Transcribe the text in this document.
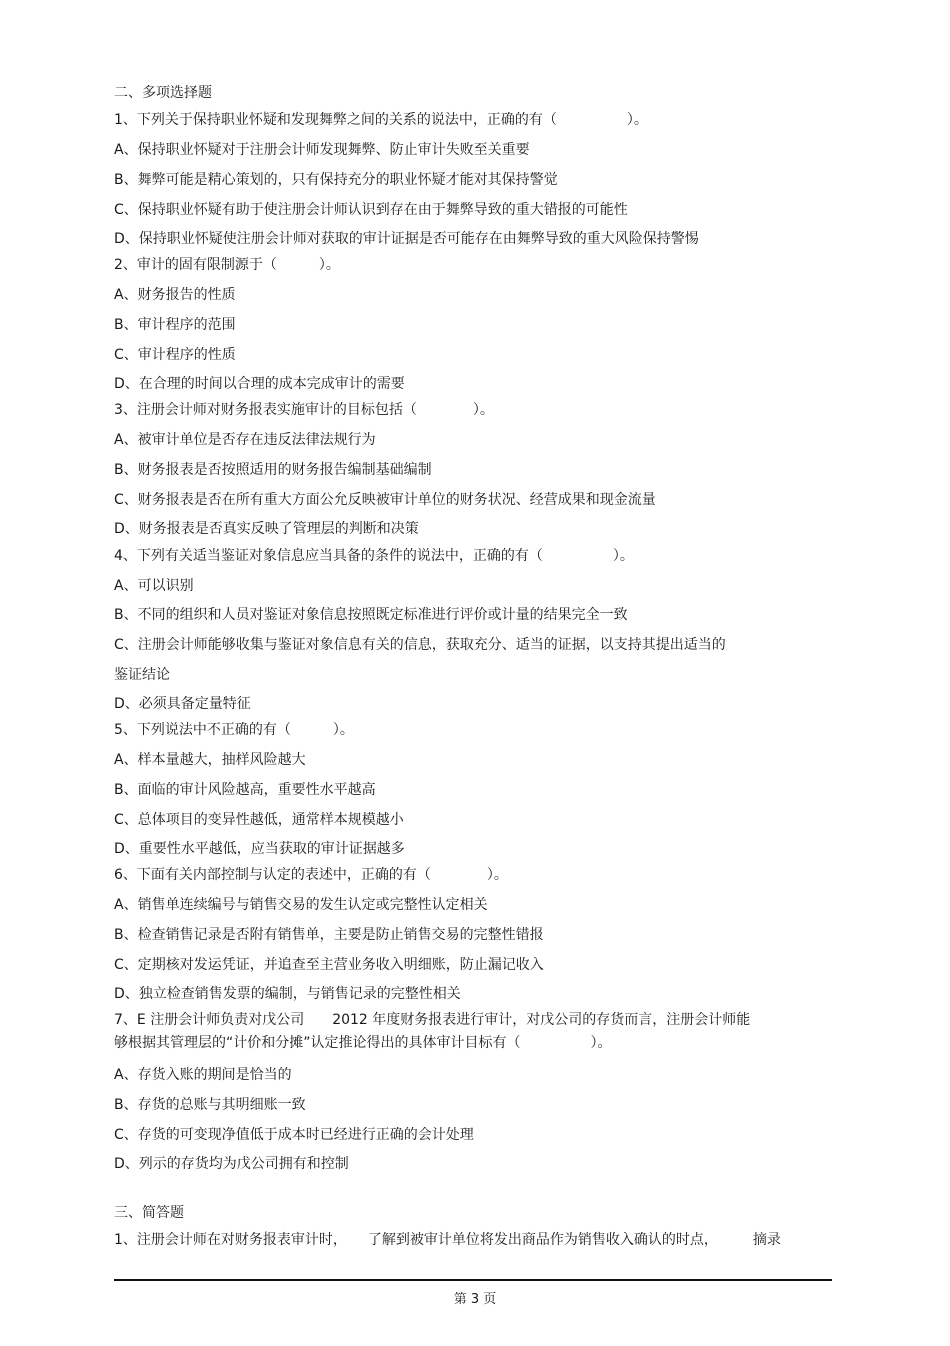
二、多项选择题
1、下列关于保持职业怀疑和发现舞弊之间的关系的说法中，正确的有（　　　　　）。
A、保持职业怀疑对于注册会计师发现舞弊、防止审计失败至关重要
B、舞弊可能是精心策划的，只有保持充分的职业怀疑才能对其保持警觉
C、保持职业怀疑有助于使注册会计师认识到存在由于舞弊导致的重大错报的可能性
D、保持职业怀疑使注册会计师对获取的审计证据是否可能存在由舞弊导致的重大风险保持警惕
2、审计的固有限制源于（　　　）。
A、财务报告的性质
B、审计程序的范围
C、审计程序的性质
D、在合理的时间以合理的成本完成审计的需要
3、注册会计师对财务报表实施审计的目标包括（　　　　）。
A、被审计单位是否存在违反法律法规行为
B、财务报表是否按照适用的财务报告编制基础编制
C、财务报表是否在所有重大方面公允反映被审计单位的财务状况、经营成果和现金流量
D、财务报表是否真实反映了管理层的判断和决策
4、下列有关适当鉴证对象信息应当具备的条件的说法中，正确的有（　　　　　）。
A、可以识别
B、不同的组织和人员对鉴证对象信息按照既定标准进行评价或计量的结果完全一致
C、注册会计师能够收集与鉴证对象信息有关的信息，获取充分、适当的证据，以支持其提出适当的
鉴证结论
D、必须具备定量特征
5、下列说法中不正确的有（　　　）。
A、样本量越大，抽样风险越大
B、面临的审计风险越高，重要性水平越高
C、总体项目的变异性越低，通常样本规模越小
D、重要性水平越低，应当获取的审计证据越多
6、下面有关内部控制与认定的表述中，正确的有（　　　　）。
A、销售单连续编号与销售交易的发生认定或完整性认定相关
B、检查销售记录是否附有销售单，主要是防止销售交易的完整性错报
C、定期核对发运凭证，并追查至主营业务收入明细账，防止漏记收入
D、独立检查销售发票的编制，与销售记录的完整性相关
7、E 注册会计师负责对戊公司　　2012 年度财务报表进行审计，对戊公司的存货而言，注册会计师能
够根据其管理层的“计价和分摊”认定推论得出的具体审计目标有（　　　　　）。
A、存货入账的期间是恰当的
B、存货的总账与其明细账一致
C、存货的可变现净值低于成本时已经进行正确的会计处理
D、列示的存货均为戊公司拥有和控制
三、简答题
1、注册会计师在对财务报表审计时，　　了解到被审计单位将发出商品作为销售收入确认的时点，　　　摘录
第 3 页
